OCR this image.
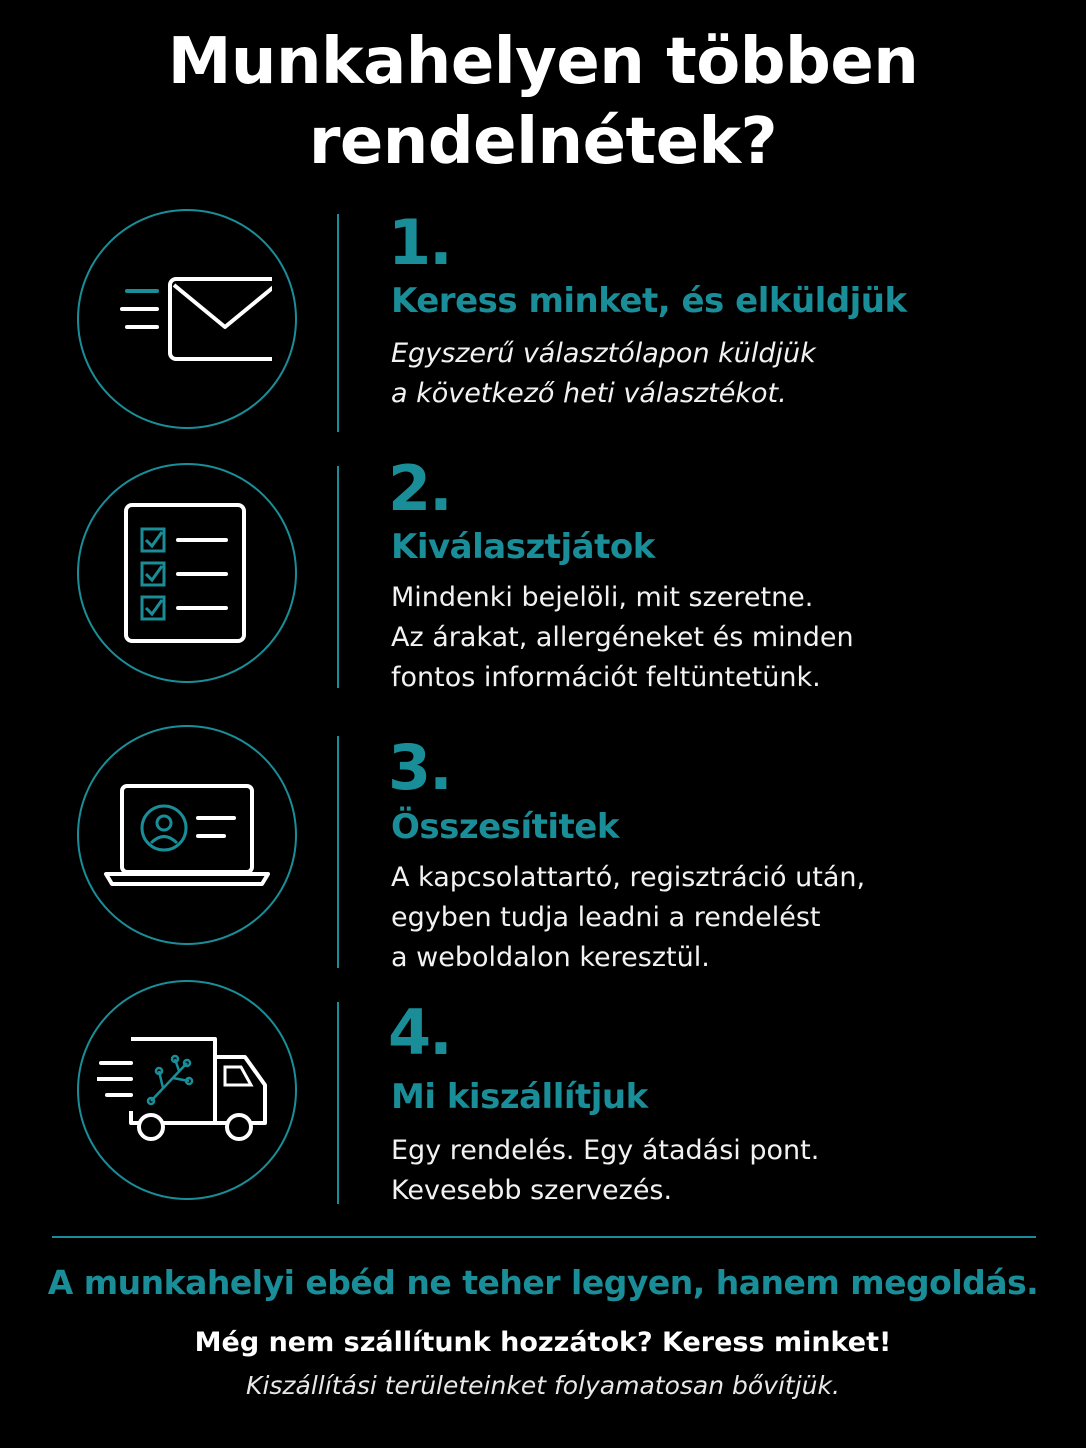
Munkahelyen többen
rendelnétek?
1.
Keress minket, és elküldjük
Egyszerű választólapon küldjük
a következő heti választékot.
2.
Kiválasztjátok
Mindenki bejelöli, mit szeretne.
Az árakat, allergéneket és minden
fontos információt feltüntetünk.
3.
Összesítitek
A kapcsolattartó, regisztráció után,
egyben tudja leadni a rendelést
a weboldalon keresztül.
4.
Mi kiszállítjuk
Egy rendelés. Egy átadási pont.
Kevesebb szervezés.
A munkahelyi ebéd ne teher legyen, hanem megoldás.
Még nem szállítunk hozzátok? Keress minket!
Kiszállítási területeinket folyamatosan bővítjük.
